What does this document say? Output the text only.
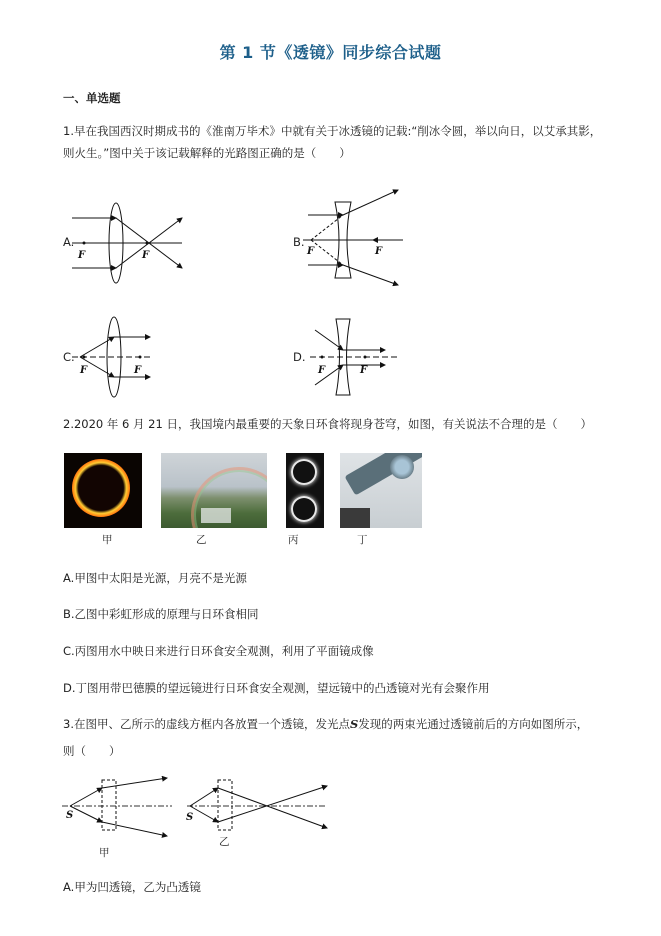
第 1 节《透镜》同步综合试题
一、单选题
1.早在我国西汉时期成书的《淮南万毕术》中就有关于冰透镜的记载:“削冰令圆，举以向日，以艾承其影，
则火生。”图中关于该记载解释的光路图正确的是（　　）
A.
F	F
B.
F	F
C.
F	F
D.
F	F
2.2020 年 6 月 21 日，我国境内最重要的天象日环食将现身苍穹，如图，有关说法不合理的是（　　）
甲	乙	丙	丁
A.甲图中太阳是光源，月亮不是光源
B.乙图中彩虹形成的原理与日环食相同
C.丙图用水中映日来进行日环食安全观测，利用了平面镜成像
D.丁图用带巴德膜的望远镜进行日环食安全观测，望远镜中的凸透镜对光有会聚作用
3.在图甲、乙所示的虚线方框内各放置一个透镜，发光点S发现的两束光通过透镜前后的方向如图所示，
则（　　）
S	S
甲
乙
A.甲为凹透镜，乙为凸透镜
